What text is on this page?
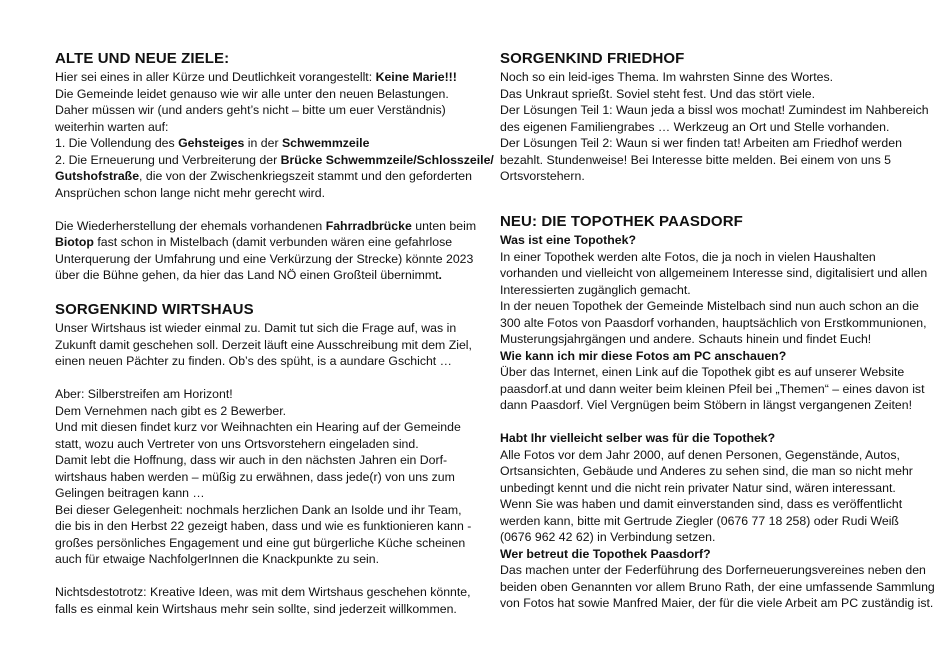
ALTE UND NEUE ZIELE:
Hier sei eines in aller Kürze und Deutlichkeit vorangestellt: Keine Marie!!!
Die Gemeinde leidet genauso wie wir alle unter den neuen Belastungen.
Daher müssen wir (und anders geht’s nicht – bitte um euer Verständnis)
weiterhin warten auf:
1. Die Vollendung des Gehsteiges in der Schwemmzeile
2. Die Erneuerung und Verbreiterung der Brücke Schwemmzeile/Schlosszeile/
Gutshofstraße, die von der Zwischenkriegszeit stammt und den geforderten
Ansprüchen schon lange nicht mehr gerecht wird.
Die Wiederherstellung der ehemals vorhandenen Fahrradbrücke unten beim
Biotop fast schon in Mistelbach (damit verbunden wären eine gefahrlose
Unterquerung der Umfahrung und eine Verkürzung der Strecke) könnte 2023
über die Bühne gehen, da hier das Land NÖ einen Großteil übernimmt.
SORGENKIND WIRTSHAUS
Unser Wirtshaus ist wieder einmal zu. Damit tut sich die Frage auf, was in
Zukunft damit geschehen soll. Derzeit läuft eine Ausschreibung mit dem Ziel,
einen neuen Pächter zu finden. Ob’s des spüht, is a aundare Gschicht …
Aber: Silberstreifen am Horizont!
Dem Vernehmen nach gibt es 2 Bewerber.
Und mit diesen findet kurz vor Weihnachten ein Hearing auf der Gemeinde
statt, wozu auch Vertreter von uns Ortsvorstehern eingeladen sind.
Damit lebt die Hoffnung, dass wir auch in den nächsten Jahren ein Dorf-
wirtshaus haben werden – müßig zu erwähnen, dass jede(r) von uns zum
Gelingen beitragen kann …
Bei dieser Gelegenheit: nochmals herzlichen Dank an Isolde und ihr Team,
die bis in den Herbst 22 gezeigt haben, dass und wie es funktionieren kann -
großes persönliches Engagement und eine gut bürgerliche Küche scheinen
auch für etwaige NachfolgerInnen die Knackpunkte zu sein.
Nichtsdestotrotz: Kreative Ideen, was mit dem Wirtshaus geschehen könnte,
falls es einmal kein Wirtshaus mehr sein sollte, sind jederzeit willkommen.
SORGENKIND FRIEDHOF
Noch so ein leid-iges Thema. Im wahrsten Sinne des Wortes.
Das Unkraut sprießt. Soviel steht fest. Und das stört viele.
Der Lösungen Teil 1: Waun jeda a bissl wos mochat! Zumindest im Nahbereich
des eigenen Familiengrabes … Werkzeug an Ort und Stelle vorhanden.
Der Lösungen Teil 2: Waun si wer finden tat! Arbeiten am Friedhof werden
bezahlt. Stundenweise! Bei Interesse bitte melden. Bei einem von uns 5
Ortsvorstehern.
NEU: DIE TOPOTHEK PAASDORF
Was ist eine Topothek?
In einer Topothek werden alte Fotos, die ja noch in vielen Haushalten
vorhanden und vielleicht von allgemeinem Interesse sind, digitalisiert und allen
Interessierten zugänglich gemacht.
In der neuen Topothek der Gemeinde Mistelbach sind nun auch schon an die
300 alte Fotos von Paasdorf vorhanden, hauptsächlich von Erstkommunionen,
Musterungsjahrgängen und andere. Schauts hinein und findet Euch!
Wie kann ich mir diese Fotos am PC anschauen?
Über das Internet, einen Link auf die Topothek gibt es auf unserer Website
paasdorf.at und dann weiter beim kleinen Pfeil bei „Themen“ – eines davon ist
dann Paasdorf. Viel Vergnügen beim Stöbern in längst vergangenen Zeiten!
Habt Ihr vielleicht selber was für die Topothek?
Alle Fotos vor dem Jahr 2000, auf denen Personen, Gegenstände, Autos,
Ortsansichten, Gebäude und Anderes zu sehen sind, die man so nicht mehr
unbedingt kennt und die nicht rein privater Natur sind, wären interessant.
Wenn Sie was haben und damit einverstanden sind, dass es veröffentlicht
werden kann, bitte mit Gertrude Ziegler (0676 77 18 258) oder Rudi Weiß
(0676 962 42 62) in Verbindung setzen.
Wer betreut die Topothek Paasdorf?
Das machen unter der Federführung des Dorferneuerungsvereines neben den
beiden oben Genannten vor allem Bruno Rath, der eine umfassende Sammlung
von Fotos hat sowie Manfred Maier, der für die viele Arbeit am PC zuständig ist.
